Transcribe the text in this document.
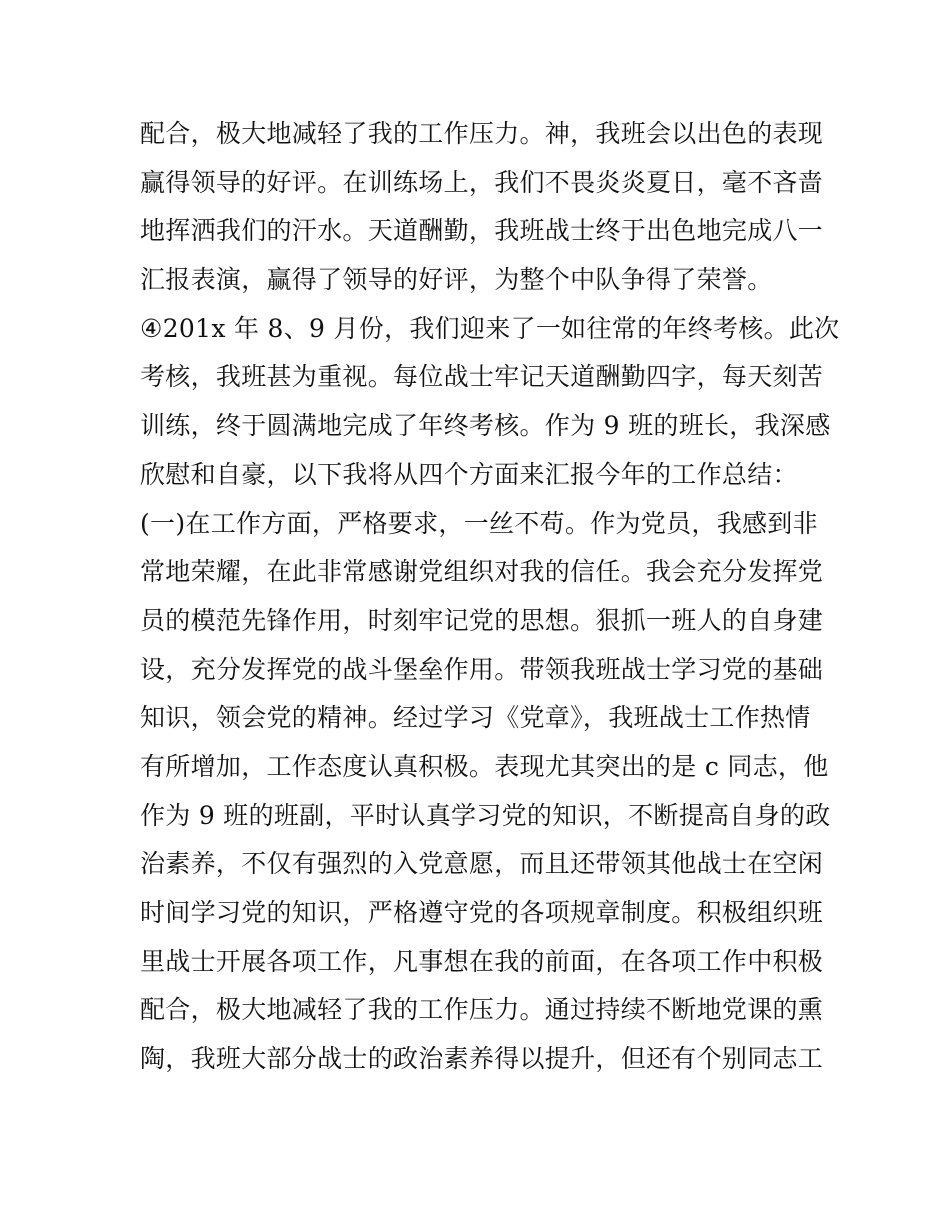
配合，极大地减轻了我的工作压力。神，我班会以出色的表现
赢得领导的好评。在训练场上，我们不畏炎炎夏日，毫不吝啬
地挥洒我们的汗水。天道酬勤，我班战士终于出色地完成八一
汇报表演，赢得了领导的好评，为整个中队争得了荣誉。
④201x 年 8、9 月份，我们迎来了一如往常的年终考核。此次
考核，我班甚为重视。每位战士牢记天道酬勤四字，每天刻苦
训练，终于圆满地完成了年终考核。作为 9 班的班长，我深感
欣慰和自豪，以下我将从四个方面来汇报今年的工作总结：
(一)在工作方面，严格要求，一丝不苟。作为党员，我感到非
常地荣耀，在此非常感谢党组织对我的信任。我会充分发挥党
员的模范先锋作用，时刻牢记党的思想。狠抓一班人的自身建
设，充分发挥党的战斗堡垒作用。带领我班战士学习党的基础
知识，领会党的精神。经过学习《党章》，我班战士工作热情
有所增加，工作态度认真积极。表现尤其突出的是 c 同志，他
作为 9 班的班副，平时认真学习党的知识，不断提高自身的政
治素养，不仅有强烈的入党意愿，而且还带领其他战士在空闲
时间学习党的知识，严格遵守党的各项规章制度。积极组织班
里战士开展各项工作，凡事想在我的前面，在各项工作中积极
配合，极大地减轻了我的工作压力。通过持续不断地党课的熏
陶，我班大部分战士的政治素养得以提升，但还有个别同志工
